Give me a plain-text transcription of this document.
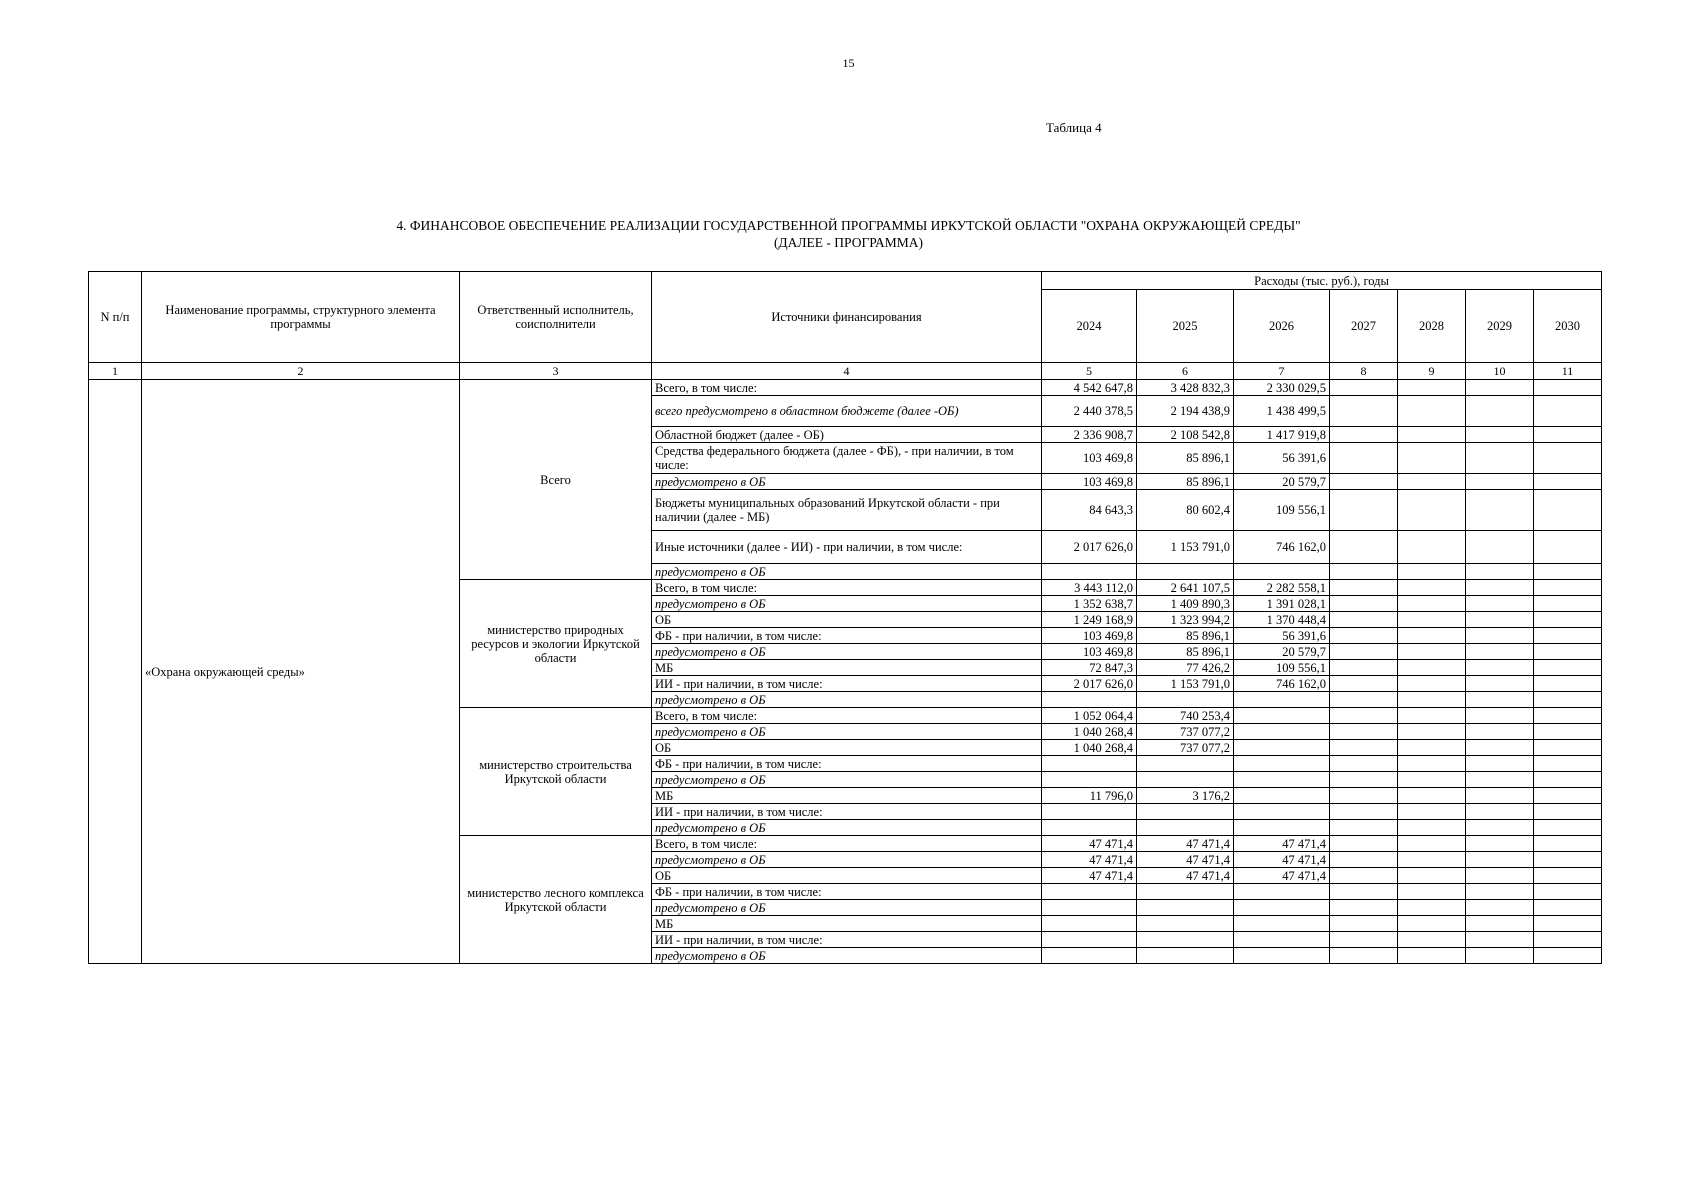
15
Таблица 4
4. ФИНАНСОВОЕ ОБЕСПЕЧЕНИЕ РЕАЛИЗАЦИИ ГОСУДАРСТВЕННОЙ ПРОГРАММЫ ИРКУТСКОЙ ОБЛАСТИ "ОХРАНА ОКРУЖАЮЩЕЙ СРЕДЫ"
(ДАЛЕЕ - ПРОГРАММА)
N п/п	Наименование программы, структурного элемента программы	Ответственный исполнитель, соисполнители	Источники финансирования	Расходы (тыс. руб.), годы						
				2024	2025	2026	2027	2028	2029	2030
1	2	3	4	5	6	7	8	9	10	11
	«Охрана окружающей среды»	Всего	Всего, в том числе:	4 542 647,8	3 428 832,3	2 330 029,5				
			всего предусмотрено в областном бюджете (далее -ОБ)	2 440 378,5	2 194 438,9	1 438 499,5				
			Областной бюджет (далее - ОБ)	2 336 908,7	2 108 542,8	1 417 919,8				
			Средства федерального бюджета (далее - ФБ), - при наличии, в том числе:	103 469,8	85 896,1	56 391,6				
			предусмотрено в ОБ	103 469,8	85 896,1	20 579,7				
			Бюджеты муниципальных образований Иркутской области - при наличии (далее - МБ)	84 643,3	80 602,4	109 556,1				
			Иные источники (далее - ИИ) - при наличии, в том числе:	2 017 626,0	1 153 791,0	746 162,0				
			предусмотрено в ОБ							
		министерство природных ресурсов и экологии Иркутской области	Всего, в том числе:	3 443 112,0	2 641 107,5	2 282 558,1				
			предусмотрено в ОБ	1 352 638,7	1 409 890,3	1 391 028,1				
			ОБ	1 249 168,9	1 323 994,2	1 370 448,4				
			ФБ - при наличии, в том числе:	103 469,8	85 896,1	56 391,6				
			предусмотрено в ОБ	103 469,8	85 896,1	20 579,7				
			МБ	72 847,3	77 426,2	109 556,1				
			ИИ - при наличии, в том числе:	2 017 626,0	1 153 791,0	746 162,0				
			предусмотрено в ОБ							
		министерство строительства Иркутской области	Всего, в том числе:	1 052 064,4	740 253,4					
			предусмотрено в ОБ	1 040 268,4	737 077,2					
			ОБ	1 040 268,4	737 077,2					
			ФБ - при наличии, в том числе:							
			предусмотрено в ОБ							
			МБ	11 796,0	3 176,2					
			ИИ - при наличии, в том числе:							
			предусмотрено в ОБ							
		министерство лесного комплекса Иркутской области	Всего, в том числе:	47 471,4	47 471,4	47 471,4				
			предусмотрено в ОБ	47 471,4	47 471,4	47 471,4				
			ОБ	47 471,4	47 471,4	47 471,4				
			ФБ - при наличии, в том числе:							
			предусмотрено в ОБ							
			МБ							
			ИИ - при наличии, в том числе:							
			предусмотрено в ОБ							
